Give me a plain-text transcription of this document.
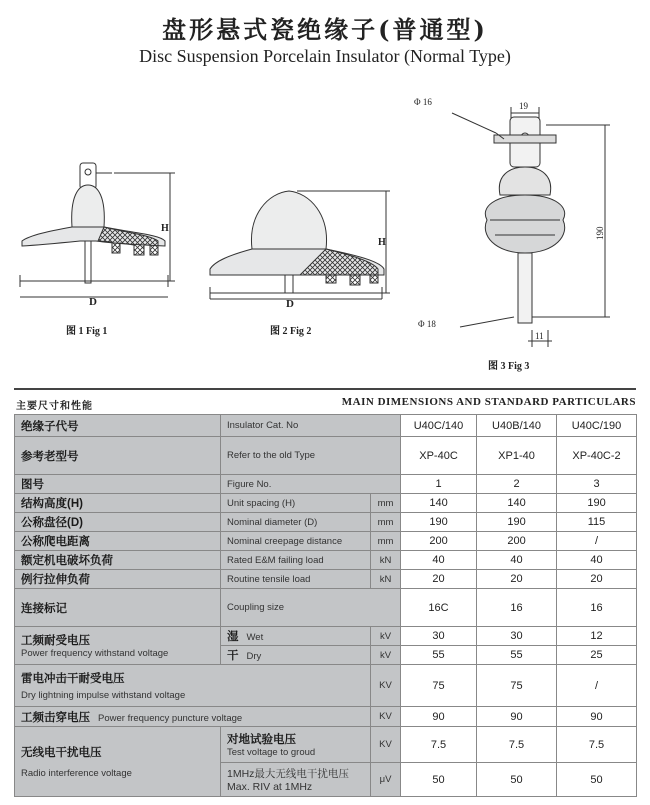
盘形悬式瓷绝缘子(普通型)
Disc Suspension Porcelain Insulator (Normal Type)
H
D
H
D
19
Φ 16
190
Φ 18
11
图 1 Fig 1	图 2 Fig 2
图 3 Fig 3
主要尺寸和性能	MAIN DIMENSIONS AND STANDARD PARTICULARS
绝缘子代号	Insulator Cat. No		U40C/140	U40B/140	U40C/190
参考老型号	Refer to the old Type		XP-40C	XP1-40	XP-40C-2
图号	Figure No.		1	2	3
结构高度(H)	Unit spacing (H)	mm	140	140	190
公称盘径(D)	Nominal diameter (D)	mm	190	190	115
公称爬电距离	Nominal creepage distance	mm	200	200	/
额定机电破坏负荷	Rated E&M failing load	kN	40	40	40
例行拉伸负荷	Routine tensile load	kN	20	20	20
连接标记	Coupling size		16C	16	16

工频耐受电压
Power frequency withstand voltage	湿 Wet	kV	30	30	12
	干 Dry	kV	55	55	25

雷电冲击干耐受电压
Dry lightning impulse withstand voltage		KV	75	75	/
工频击穿电压 Power frequency puncture voltage		KV	90	90	90

无线电干扰电压
Radio interference voltage	对地试验电压
Test voltage to groud	KV	7.5	7.5	7.5

	1MHz最大无线电干扰电压
Max. RIV at 1MHz	μV	50	50	50
